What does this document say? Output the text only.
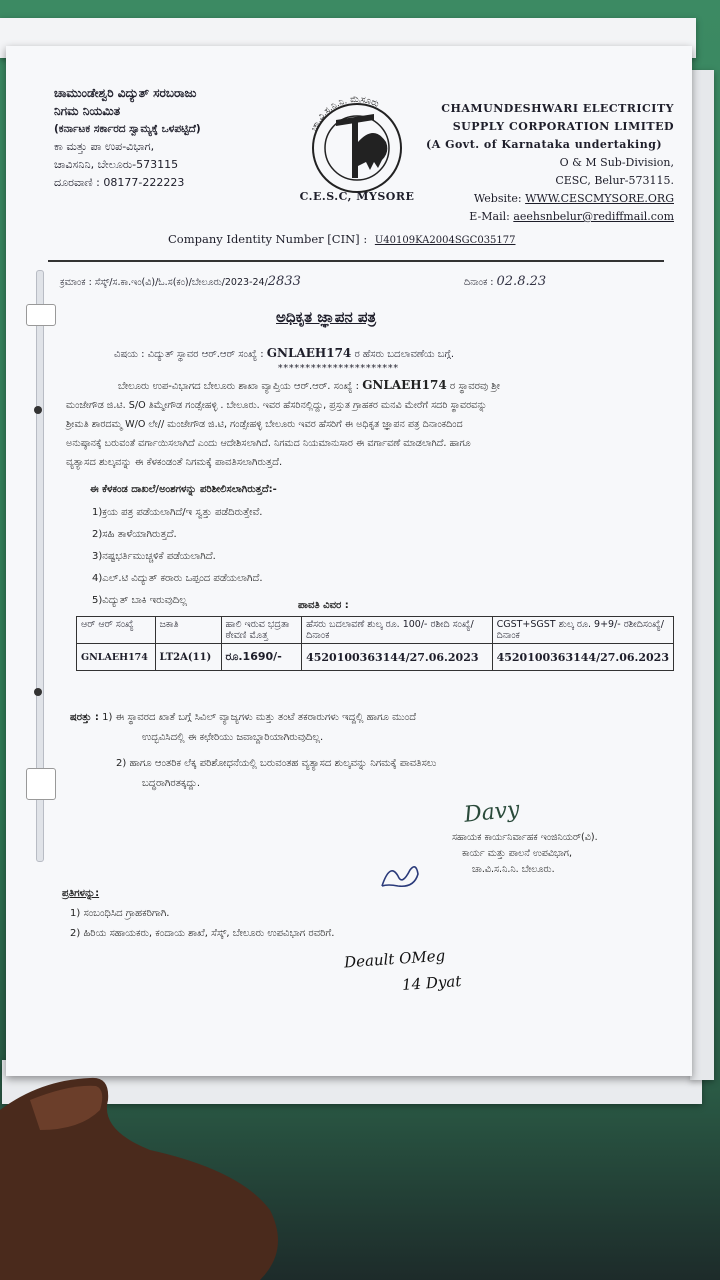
ಚಾಮುಂಡೇಶ್ವರಿ ವಿದ್ಯುತ್ ಸರಬರಾಜು
ನಿಗಮ ನಿಯಮಿತ
(ಕರ್ನಾಟಕ ಸರ್ಕಾರದ ಸ್ವಾಮ್ಯಕ್ಕೆ ಒಳಪಟ್ಟಿದೆ)
ಕಾ ಮತ್ತು ಪಾ ಉಪ-ವಿಭಾಗ,
ಚಾವಿಸನಿನಿ, ಬೇಲೂರು-573115
ದೂರವಾಣಿ : 08177-222223
ಚಾ.ವಿ.ಸ.ನಿ.ನಿ. ಮೈಸೂರು
C.E.S.C, MYSORE
CHAMUNDESHWARI ELECTRICITY
SUPPLY CORPORATION LIMITED
(A Govt. of Karnataka undertaking)
O & M Sub-Division,
CESC, Belur-573115.
Website: WWW.CESCMYSORE.ORG
E-Mail: aeehsnbelur@rediffmail.com
Company Identity Number [CIN] : U40109KA2004SGC035177
ಕ್ರಮಾಂಕ : ಸೆಸ್ಕ್/ಸ.ಕಾ.ಇಂ(ವಿ)/ಓ.ಸ(ಕಂ)/ಬೇಲೂರು/2023-24/2833	ದಿನಾಂಕ : 02.8.23
ಅಧಿಕೃತ ಜ್ಞಾಪನ ಪತ್ರ
ವಿಷಯ : ವಿದ್ಯುತ್ ಸ್ಥಾವರ ಆರ್.ಆರ್ ಸಂಖ್ಯೆ : GNLAEH174 ರ ಹೆಸರು ಬದಲಾವಣೆಯ ಬಗ್ಗೆ.
**********************
ಬೇಲೂರು ಉಪ-ವಿಭಾಗದ ಬೇಲೂರು ಶಾಖಾ ವ್ಯಾಪ್ತಿಯ ಆರ್.ಆರ್. ಸಂಖ್ಯೆ : GNLAEH174 ರ ಸ್ಥಾವರವು ಶ್ರೀ
ಮಂಜೇಗೌಡ ಜಿ.ಟಿ. S/O ತಿಮ್ಮೇಗೌಡ ಗಂಡ್ಸೇಹಳ್ಳಿ . ಬೇಲೂರು. ಇವರ ಹೆಸರಿನಲ್ಲಿದ್ದು, ಪ್ರಸ್ತುತ ಗ್ರಾಹಕರ ಮನವಿ ಮೇರೆಗೆ ಸದರಿ ಸ್ಥಾವರವನ್ನು
ಶ್ರೀಮತಿ ಶಾರದಮ್ಮ W/O ಲೇ// ಮಂಜೇಗೌಡ ಜಿ.ಟಿ, ಗಂಡ್ಸೇಹಳ್ಳಿ ಬೇಲೂರು ಇವರ ಹೆಸರಿಗೆ ಈ ಅಧಿಕೃತ ಜ್ಞಾಪನ ಪತ್ರ ದಿನಾಂಕದಿಂದ
ಅನುಷ್ಠಾನಕ್ಕೆ ಬರುವಂತೆ ವರ್ಗಾಯಿಸಲಾಗಿದೆ ಎಂದು ಆದೇಶಿಸಲಾಗಿದೆ. ನಿಗಮದ ನಿಯಮಾನುಸಾರ ಈ ವರ್ಗಾವಣೆ ಮಾಡಲಾಗಿದೆ. ಹಾಗೂ
ವ್ಯತ್ಯಾಸದ ಶುಲ್ಕವನ್ನು ಈ ಕೆಳಕಂಡಂತೆ ನಿಗಮಕ್ಕೆ ಪಾವತಿಸಲಾಗಿರುತ್ತದೆ.
ಈ ಕೆಳಕಂಡ ದಾಖಲೆ/ಅಂಶಗಳನ್ನು ಪರಿಶೀಲಿಸಲಾಗಿರುತ್ತದೆ:-
1)ಕ್ರಯ ಪತ್ರ ಪಡೆಯಲಾಗಿದೆ/ಇ ಸ್ವತ್ತು ಪಡೆದಿರುತ್ತೇವೆ.
2)ಸಹಿ ತಾಳೆಯಾಗಿರುತ್ತದೆ.
3)ನಷ್ಟಭರ್ತಿಮುಚ್ಚಳಿಕೆ ಪಡೆಯಲಾಗಿದೆ.
4)ಎಲ್.ಟಿ ವಿದ್ಯುತ್ ಕರಾರು ಒಪ್ಪಂದ ಪಡೆಯಲಾಗಿದೆ.
5)ವಿದ್ಯುತ್ ಬಾಕಿ ಇರುವುದಿಲ್ಲ	ಪಾವತಿ ವಿವರ :
ಆರ್ ಆರ್ ಸಂಖ್ಯೆ	ಜಕಾತಿ	ಹಾಲಿ ಇರುವ ಭದ್ರತಾ ಠೇವಣಿ ಮೊತ್ತ	ಹೆಸರು ಬದಲಾವಣೆ ಶುಲ್ಕ ರೂ. 100/- ರಶೀದಿ ಸಂಖ್ಯೆ/ದಿನಾಂಕ	CGST+SGST ಶುಲ್ಕ ರೂ. 9+9/- ರಶೀದಿಸಂಖ್ಯೆ/ದಿನಾಂಕ
GNLAEH174	LT2A(11)	ರೂ.1690/-	4520100363144/27.06.2023	4520100363144/27.06.2023
ಷರತ್ತು : 1) ಈ ಸ್ಥಾವರದ ಖಾತೆ ಬಗ್ಗೆ ಸಿವಿಲ್ ವ್ಯಾಜ್ಯಗಳು ಮತ್ತು ತಂಟೆ ತಕರಾರುಗಳು ಇದ್ದಲ್ಲಿ ಹಾಗೂ ಮುಂದೆ
ಉದ್ಭವಿಸಿದಲ್ಲಿ ಈ ಕಛೇರಿಯು ಜವಾಬ್ದಾರಿಯಾಗಿರುವುದಿಲ್ಲ.
2) ಹಾಗೂ ಆಂತರಿಕ ಲೆಕ್ಕ ಪರಿಶೋಧನೆಯಲ್ಲಿ ಬರುವಂತಹ ವ್ಯತ್ಯಾಸದ ಶುಲ್ಕವನ್ನು ನಿಗಮಕ್ಕೆ ಪಾವತಿಸಲು
ಬದ್ಧರಾಗಿರತಕ್ಕದ್ದು.
Davy
ಸಹಾಯಕ ಕಾರ್ಯನಿರ್ವಾಹಕ ಇಂಜಿನಿಯರ್(ವಿ).
ಕಾರ್ಯ ಮತ್ತು ಪಾಲನೆ ಉಪವಿಭಾಗ,
ಚಾ.ವಿ.ಸ.ನಿ.ನಿ. ಬೇಲೂರು.
ಪ್ರತಿಗಳನ್ನು:
1) ಸಂಬಂಧಿಸಿದ ಗ್ರಾಹಕರಿಗಾಗಿ.
2) ಹಿರಿಯ ಸಹಾಯಕರು, ಕಂದಾಯ ಶಾಖೆ, ಸೆಸ್ಕ್, ಬೇಲೂರು ಉಪವಿಭಾಗ ರವರಿಗೆ.
Deault OMeg
14 Dyat
